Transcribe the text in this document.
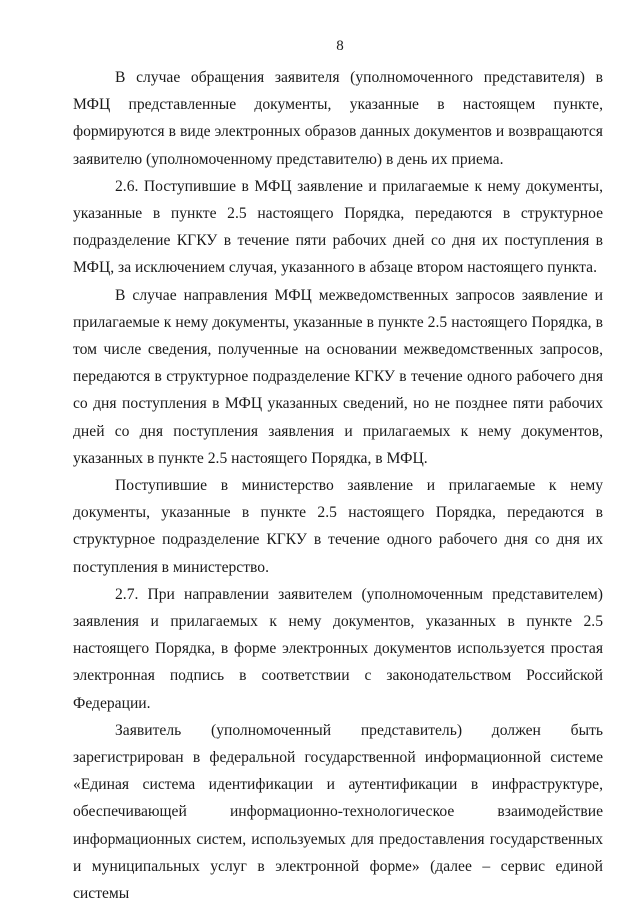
8

В случае обращения заявителя (уполномоченного представителя) в МФЦ представленные документы, указанные в настоящем пункте, формируются в виде электронных образов данных документов и возвращаются заявителю (уполномоченному представителю) в день их приема.

2.6. Поступившие в МФЦ заявление и прилагаемые к нему документы, указанные в пункте 2.5 настоящего Порядка, передаются в структурное подразделение КГКУ в течение пяти рабочих дней со дня их поступления в МФЦ, за исключением случая, указанного в абзаце втором настоящего пункта.

В случае направления МФЦ межведомственных запросов заявление и прилагаемые к нему документы, указанные в пункте 2.5 настоящего Порядка, в том числе сведения, полученные на основании межведомственных запросов, передаются в структурное подразделение КГКУ в течение одного рабочего дня со дня поступления в МФЦ указанных сведений, но не позднее пяти рабочих дней со дня поступления заявления и прилагаемых к нему документов, указанных в пункте 2.5 настоящего Порядка, в МФЦ.

Поступившие в министерство заявление и прилагаемые к нему документы, указанные в пункте 2.5 настоящего Порядка, передаются в структурное подразделение КГКУ в течение одного рабочего дня со дня их поступления в министерство.

2.7. При направлении заявителем (уполномоченным представителем) заявления и прилагаемых к нему документов, указанных в пункте 2.5 настоящего Порядка, в форме электронных документов используется простая электронная подпись в соответствии с законодательством Российской Федерации.

Заявитель (уполномоченный представитель) должен быть зарегистрирован в федеральной государственной информационной системе «Единая система идентификации и аутентификации в инфраструктуре, обеспечивающей информационно-технологическое взаимодействие информационных систем, используемых для предоставления государственных и муниципальных услуг в электронной форме» (далее – сервис единой системы
